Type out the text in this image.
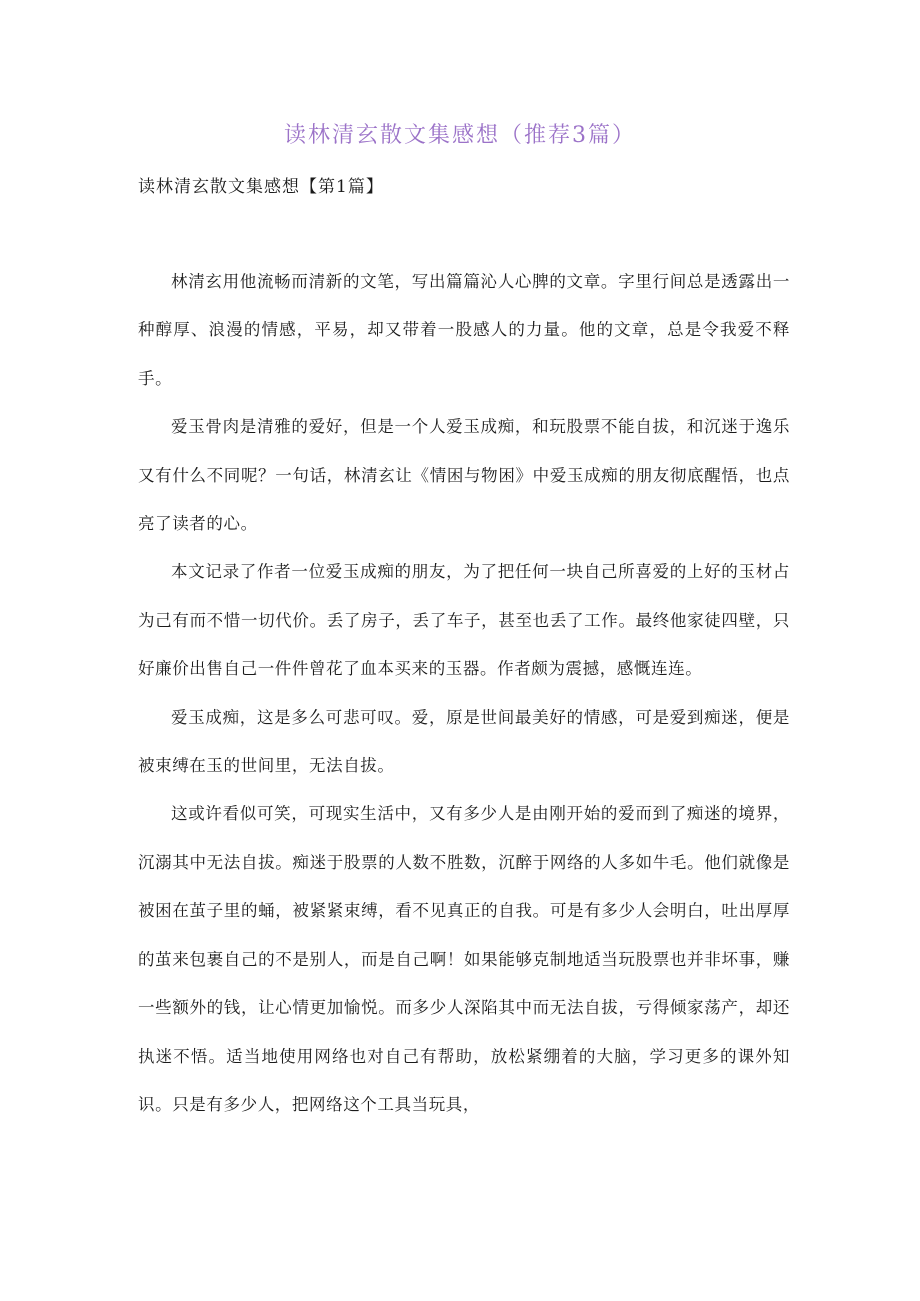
读林清玄散文集感想（推荐3篇）
读林清玄散文集感想【第1篇】

林清玄用他流畅而清新的文笔，写出篇篇沁人心脾的文章。字里行间总是透露出一种醇厚、浪漫的情感，平易，却又带着一股感人的力量。他的文章，总是令我爱不释手。

爱玉骨肉是清雅的爱好，但是一个人爱玉成痴，和玩股票不能自拔，和沉迷于逸乐又有什么不同呢？一句话，林清玄让《情困与物困》中爱玉成痴的朋友彻底醒悟，也点亮了读者的心。

本文记录了作者一位爱玉成痴的朋友，为了把任何一块自己所喜爱的上好的玉材占为己有而不惜一切代价。丢了房子，丢了车子，甚至也丢了工作。最终他家徒四壁，只好廉价出售自己一件件曾花了血本买来的玉器。作者颇为震撼，感慨连连。

爱玉成痴，这是多么可悲可叹。爱，原是世间最美好的情感，可是爱到痴迷，便是被束缚在玉的世间里，无法自拔。

这或许看似可笑，可现实生活中，又有多少人是由刚开始的爱而到了痴迷的境界，沉溺其中无法自拔。痴迷于股票的人数不胜数，沉醉于网络的人多如牛毛。他们就像是被困在茧子里的蛹，被紧紧束缚，看不见真正的自我。可是有多少人会明白，吐出厚厚的茧来包裹自己的不是别人，而是自己啊！如果能够克制地适当玩股票也并非坏事，赚一些额外的钱，让心情更加愉悦。而多少人深陷其中而无法自拔，亏得倾家荡产，却还执迷不悟。适当地使用网络也对自己有帮助，放松紧绷着的大脑，学习更多的课外知识。只是有多少人，把网络这个工具当玩具，
